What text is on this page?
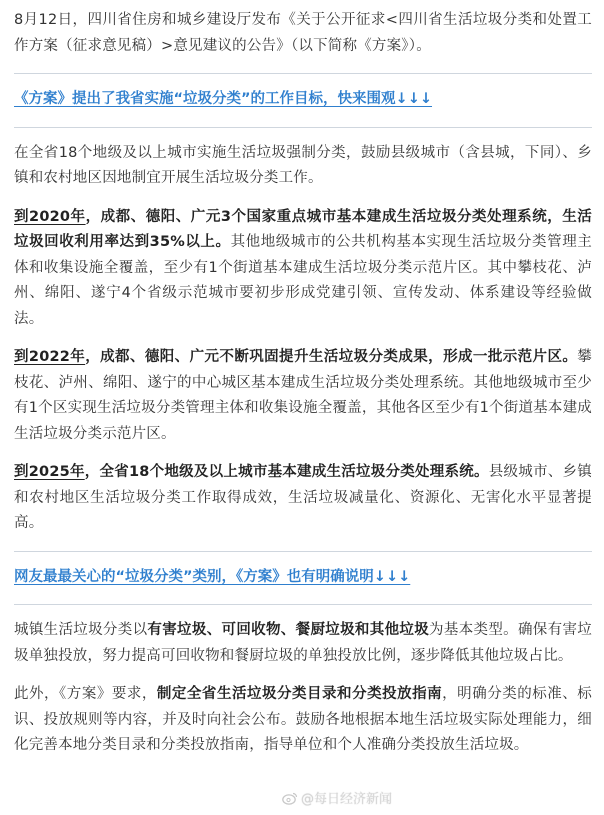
8月12日，四川省住房和城乡建设厅发布《关于公开征求<四川省生活垃圾分类和处置工作方案（征求意见稿）>意见建议的公告》（以下简称《方案》）。

《方案》提出了我省实施“垃圾分类”的工作目标，快来围观↓↓↓

在全省18个地级及以上城市实施生活垃圾强制分类，鼓励县级城市（含县城，下同）、乡镇和农村地区因地制宜开展生活垃圾分类工作。

到2020年，成都、德阳、广元3个国家重点城市基本建成生活垃圾分类处理系统，生活垃圾回收利用率达到35%以上。其他地级城市的公共机构基本实现生活垃圾分类管理主体和收集设施全覆盖，至少有1个街道基本建成生活垃圾分类示范片区。其中攀枝花、泸州、绵阳、遂宁4个省级示范城市要初步形成党建引领、宣传发动、体系建设等经验做法。

到2022年，成都、德阳、广元不断巩固提升生活垃圾分类成果，形成一批示范片区。攀枝花、泸州、绵阳、遂宁的中心城区基本建成生活垃圾分类处理系统。其他地级城市至少有1个区实现生活垃圾分类管理主体和收集设施全覆盖，其他各区至少有1个街道基本建成生活垃圾分类示范片区。

到2025年，全省18个地级及以上城市基本建成生活垃圾分类处理系统。县级城市、乡镇和农村地区生活垃圾分类工作取得成效，生活垃圾减量化、资源化、无害化水平显著提高。

网友最最关心的“垃圾分类”类别，《方案》也有明确说明↓↓↓

城镇生活垃圾分类以有害垃圾、可回收物、餐厨垃圾和其他垃圾为基本类型。确保有害垃圾单独投放，努力提高可回收物和餐厨垃圾的单独投放比例，逐步降低其他垃圾占比。

此外，《方案》要求，制定全省生活垃圾分类目录和分类投放指南，明确分类的标准、标识、投放规则等内容，并及时向社会公布。鼓励各地根据本地生活垃圾实际处理能力，细化完善本地分类目录和分类投放指南，指导单位和个人准确分类投放生活垃圾。

@每日经济新闻
